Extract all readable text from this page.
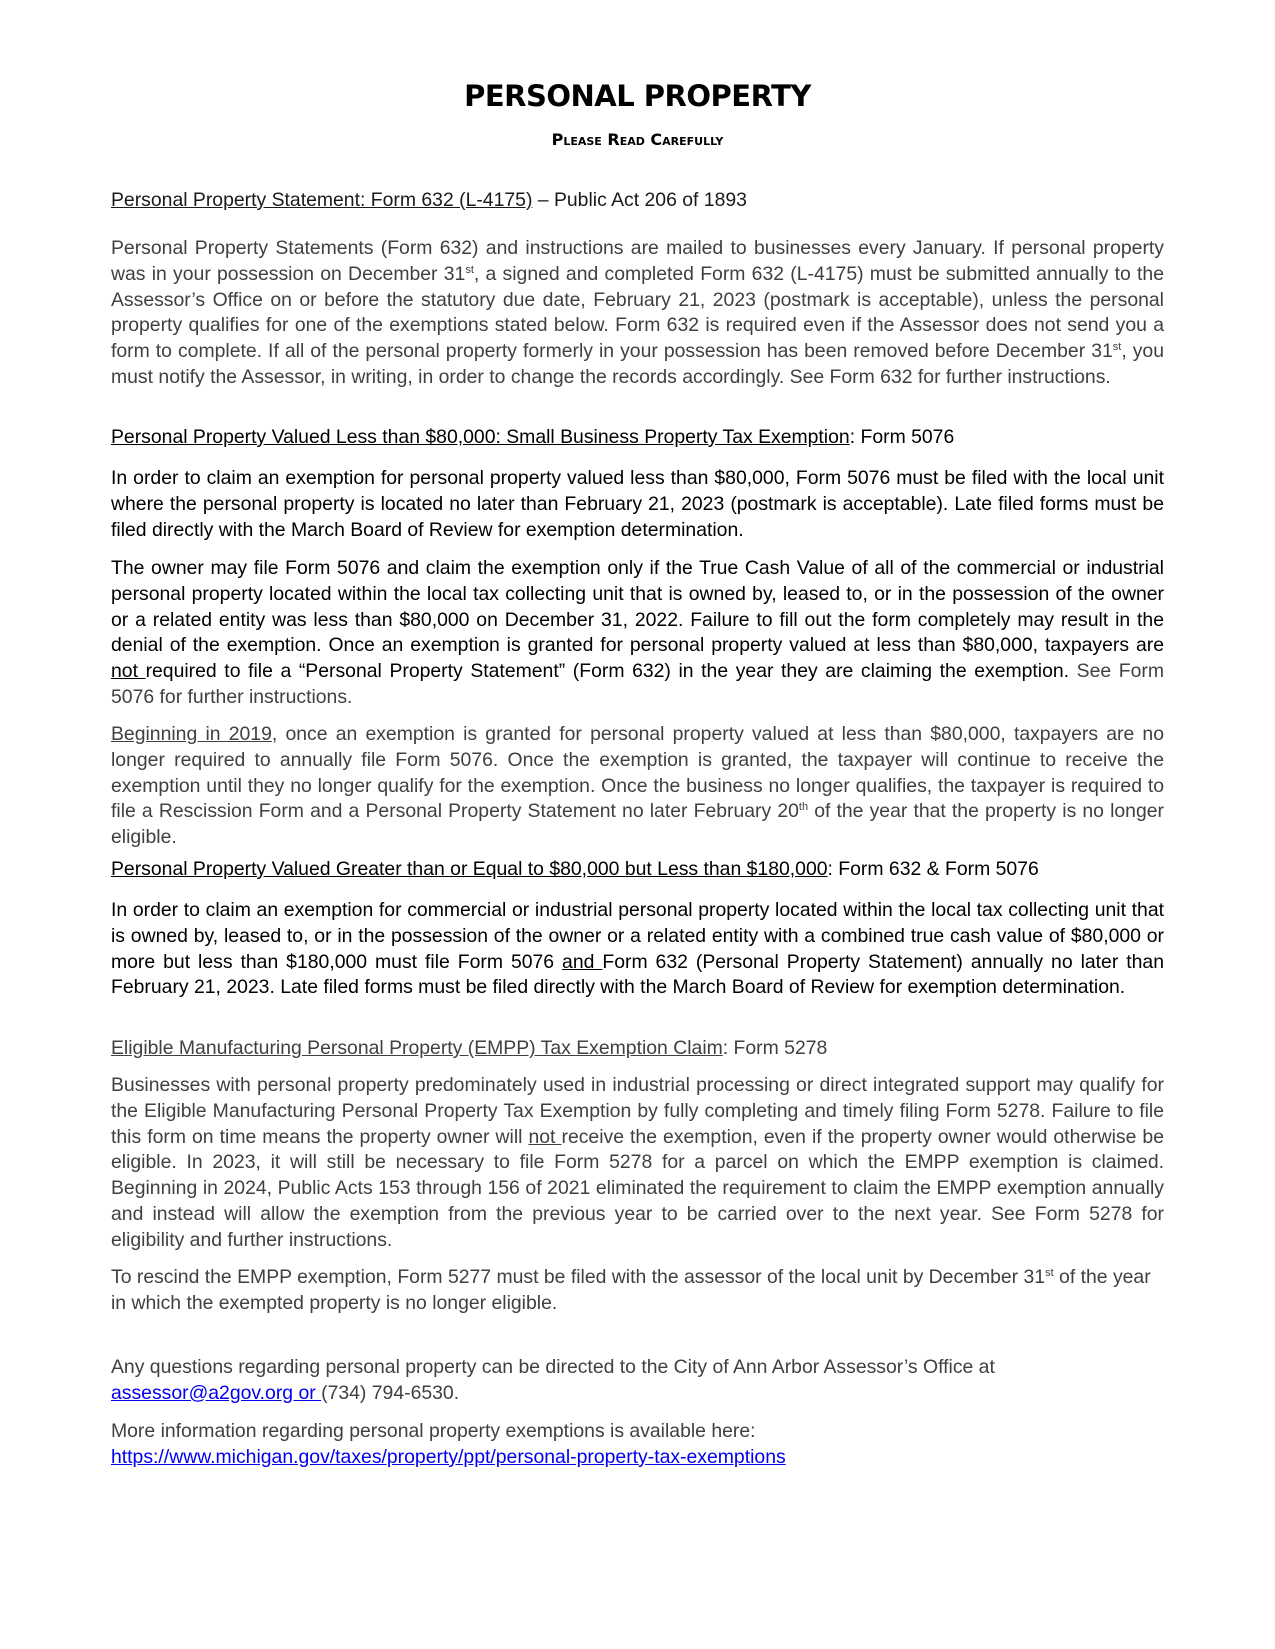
PERSONAL PROPERTY
Please Read Carefully
Personal Property Statement: Form 632 (L-4175) – Public Act 206 of 1893

Personal Property Statements (Form 632) and instructions are mailed to businesses every January. If personal property was in your possession on December 31st, a signed and completed Form 632 (L-4175) must be submitted annually to the Assessor’s Office on or before the statutory due date, February 21, 2023 (postmark is acceptable), unless the personal property qualifies for one of the exemptions stated below. Form 632 is required even if the Assessor does not send you a form to complete. If all of the personal property formerly in your possession has been removed before December 31st, you must notify the Assessor, in writing, in order to change the records accordingly. See Form 632 for further instructions.

Personal Property Valued Less than $80,000: Small Business Property Tax Exemption: Form 5076

In order to claim an exemption for personal property valued less than $80,000, Form 5076 must be filed with the local unit where the personal property is located no later than February 21, 2023 (postmark is acceptable). Late filed forms must be filed directly with the March Board of Review for exemption determination.

The owner may file Form 5076 and claim the exemption only if the True Cash Value of all of the commercial or industrial personal property located within the local tax collecting unit that is owned by, leased to, or in the possession of the owner or a related entity was less than $80,000 on December 31, 2022. Failure to fill out the form completely may result in the denial of the exemption. Once an exemption is granted for personal property valued at less than $80,000, taxpayers are not required to file a “Personal Property Statement” (Form 632) in the year they are claiming the exemption. See Form 5076 for further instructions.

Beginning in 2019, once an exemption is granted for personal property valued at less than $80,000, taxpayers are no longer required to annually file Form 5076. Once the exemption is granted, the taxpayer will continue to receive the exemption until they no longer qualify for the exemption. Once the business no longer qualifies, the taxpayer is required to file a Rescission Form and a Personal Property Statement no later February 20th of the year that the property is no longer eligible.

Personal Property Valued Greater than or Equal to $80,000 but Less than $180,000: Form 632 & Form 5076

In order to claim an exemption for commercial or industrial personal property located within the local tax collecting unit that is owned by, leased to, or in the possession of the owner or a related entity with a combined true cash value of $80,000 or more but less than $180,000 must file Form 5076 and Form 632 (Personal Property Statement) annually no later than February 21, 2023. Late filed forms must be filed directly with the March Board of Review for exemption determination.

Eligible Manufacturing Personal Property (EMPP) Tax Exemption Claim: Form 5278

Businesses with personal property predominately used in industrial processing or direct integrated support may qualify for the Eligible Manufacturing Personal Property Tax Exemption by fully completing and timely filing Form 5278. Failure to file this form on time means the property owner will not receive the exemption, even if the property owner would otherwise be eligible. In 2023, it will still be necessary to file Form 5278 for a parcel on which the EMPP exemption is claimed. Beginning in 2024, Public Acts 153 through 156 of 2021 eliminated the requirement to claim the EMPP exemption annually and instead will allow the exemption from the previous year to be carried over to the next year. See Form 5278 for eligibility and further instructions.

To rescind the EMPP exemption, Form 5277 must be filed with the assessor of the local unit by December 31st of the year in which the exempted property is no longer eligible.

Any questions regarding personal property can be directed to the City of Ann Arbor Assessor’s Office at
assessor@a2gov.org or (734) 794-6530.

More information regarding personal property exemptions is available here:
https://www.michigan.gov/taxes/property/ppt/personal-property-tax-exemptions
